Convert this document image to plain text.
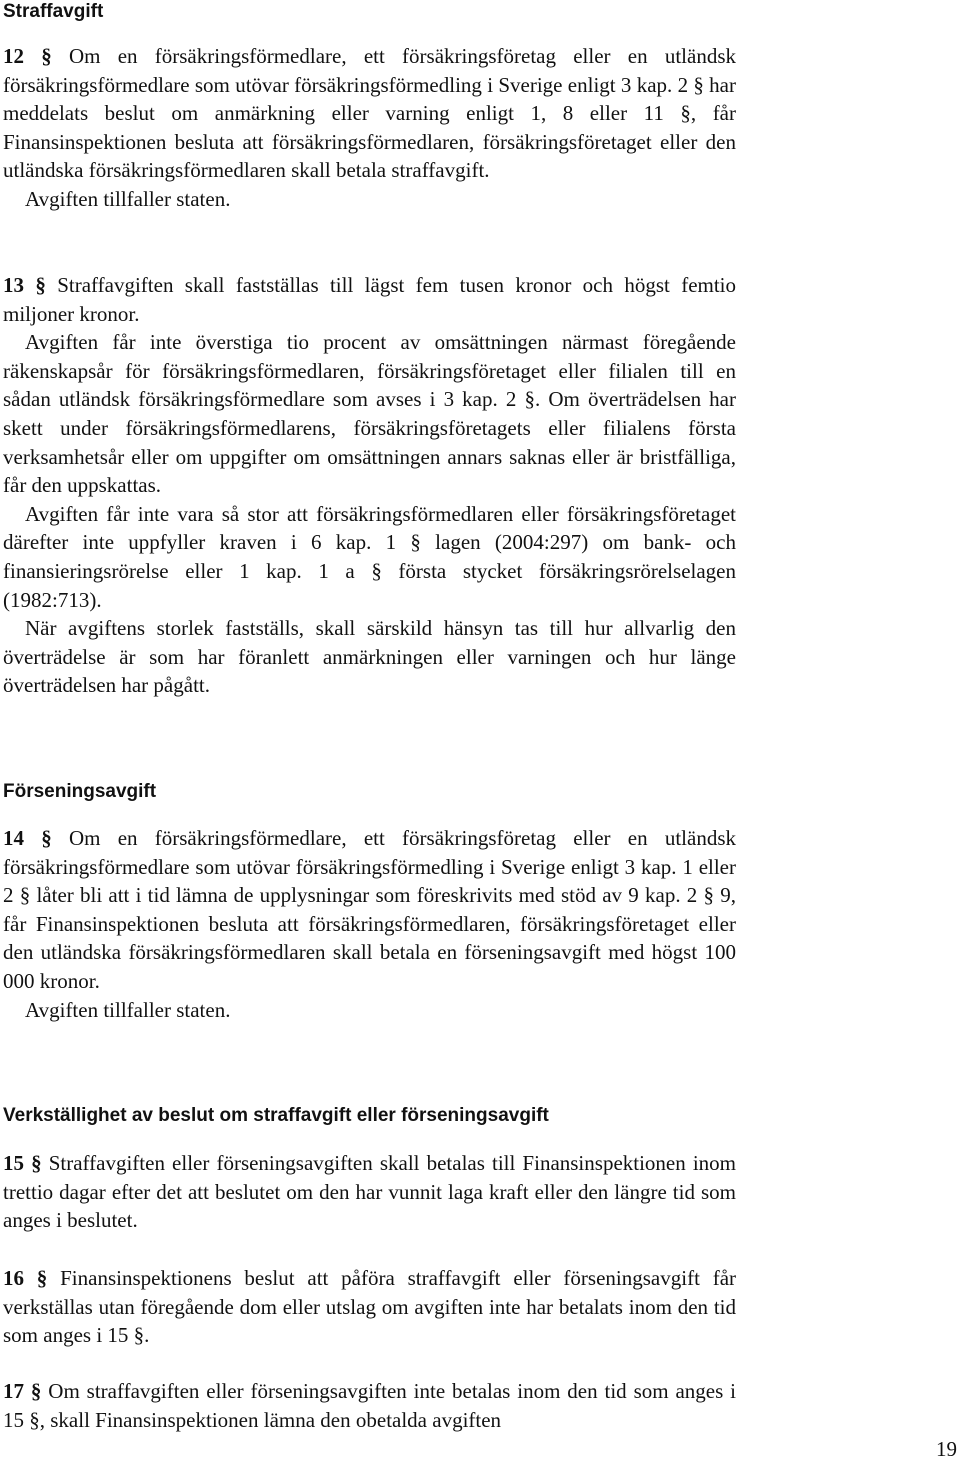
Straffavgift
12 § Om en försäkringsförmedlare, ett försäkringsföretag eller en utländsk försäkringsförmedlare som utövar försäkringsförmedling i Sverige enligt 3 kap. 2 § har meddelats beslut om anmärkning eller varning enligt 1, 8 eller 11 §, får Finansinspektionen besluta att försäkringsförmedlaren, försäkringsföretaget eller den utländska försäkringsförmedlaren skall betala straffavgift.
Avgiften tillfaller staten.
13 § Straffavgiften skall fastställas till lägst fem tusen kronor och högst femtio miljoner kronor.
Avgiften får inte överstiga tio procent av omsättningen närmast föregående räkenskapsår för försäkringsförmedlaren, försäkringsföretaget eller filialen till en sådan utländsk försäkringsförmedlare som avses i 3 kap. 2 §. Om överträdelsen har skett under försäkringsförmedlarens, försäkringsföretagets eller filialens första verksamhetsår eller om uppgifter om omsättningen annars saknas eller är bristfälliga, får den uppskattas.
Avgiften får inte vara så stor att försäkringsförmedlaren eller försäkringsföretaget därefter inte uppfyller kraven i 6 kap. 1 § lagen (2004:297) om bank- och finansieringsrörelse eller 1 kap. 1 a § första stycket försäkringsrörelselagen (1982:713).
När avgiftens storlek fastställs, skall särskild hänsyn tas till hur allvarlig den överträdelse är som har föranlett anmärkningen eller varningen och hur länge överträdelsen har pågått.
Förseningsavgift
14 § Om en försäkringsförmedlare, ett försäkringsföretag eller en utländsk försäkringsförmedlare som utövar försäkringsförmedling i Sverige enligt 3 kap. 1 eller 2 § låter bli att i tid lämna de upplysningar som föreskrivits med stöd av 9 kap. 2 § 9, får Finansinspektionen besluta att försäkringsförmedlaren, försäkringsföretaget eller den utländska försäkringsförmedlaren skall betala en förseningsavgift med högst 100 000 kronor.
Avgiften tillfaller staten.
Verkställighet av beslut om straffavgift eller förseningsavgift
15 § Straffavgiften eller förseningsavgiften skall betalas till Finansinspektionen inom trettio dagar efter det att beslutet om den har vunnit laga kraft eller den längre tid som anges i beslutet.
16 § Finansinspektionens beslut att påföra straffavgift eller förseningsavgift får verkställas utan föregående dom eller utslag om avgiften inte har betalats inom den tid som anges i 15 §.
17 § Om straffavgiften eller förseningsavgiften inte betalas inom den tid som anges i 15 §, skall Finansinspektionen lämna den obetalda avgiften
19
